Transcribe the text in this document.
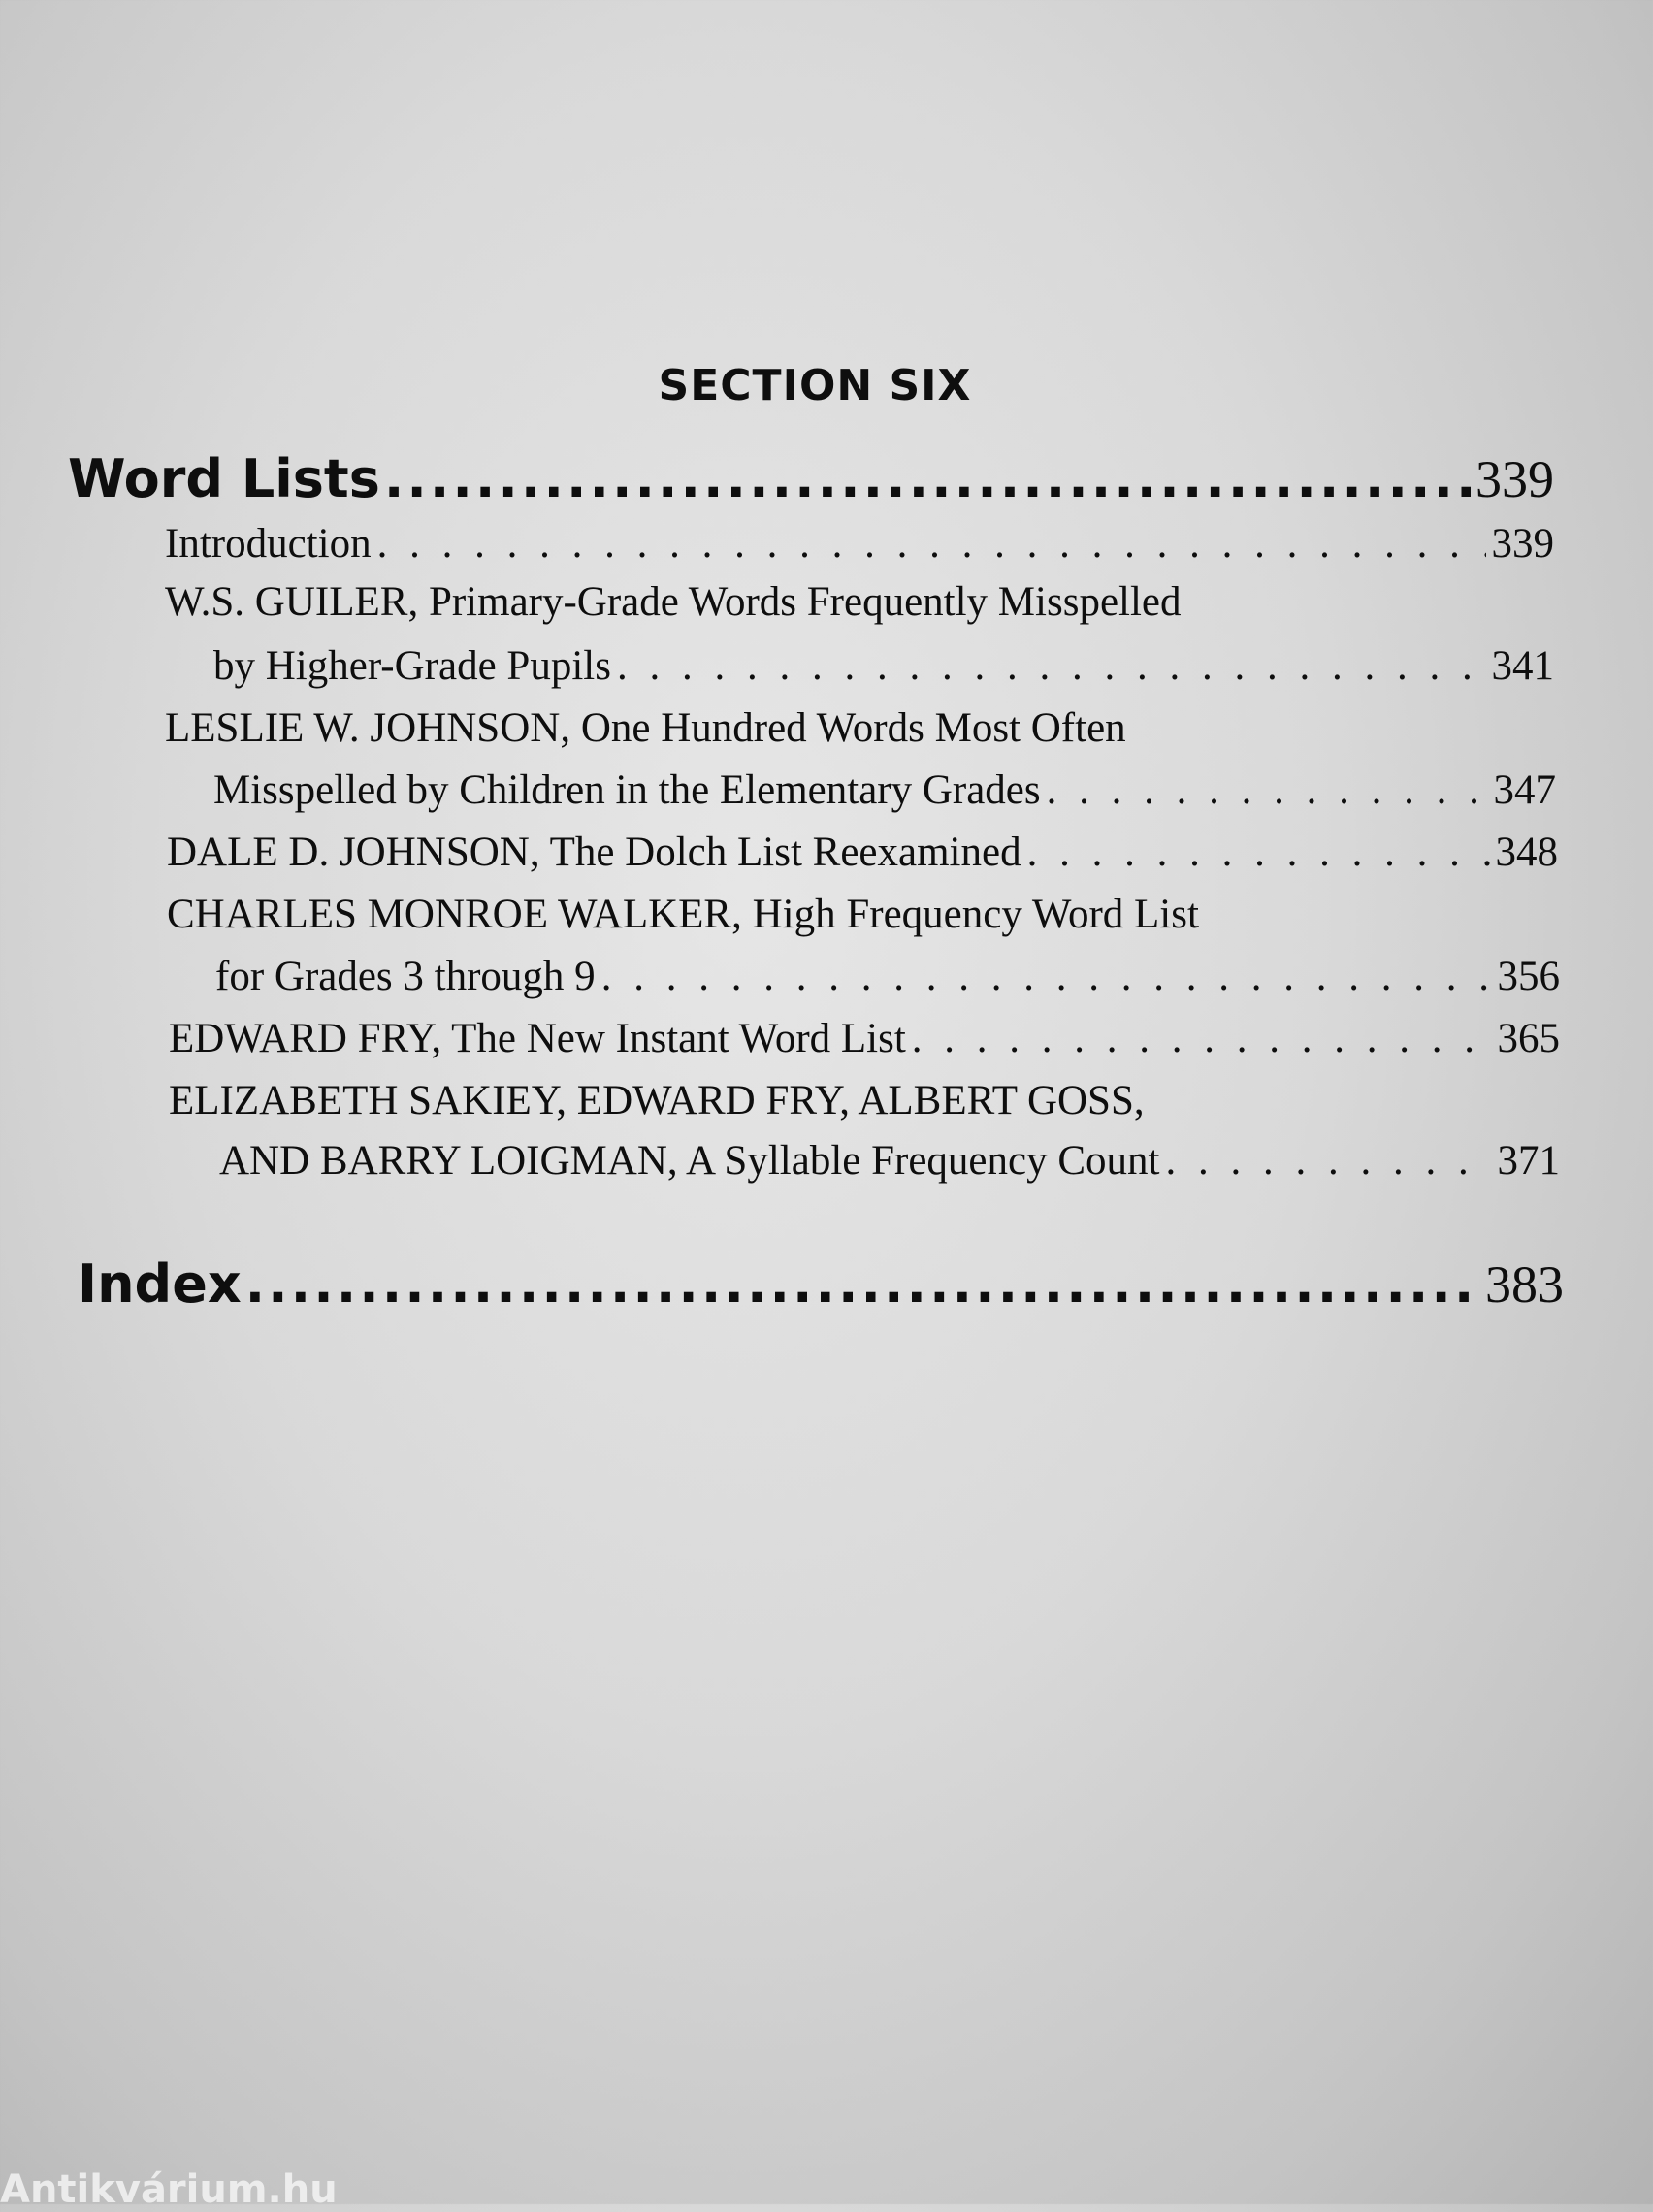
SECTION SIX
Word Lists .....	339
Introduction . . .	339
W.S. GUILER, Primary-Grade Words Frequently Misspelled
by Higher-Grade Pupils . . .	341
LESLIE W. JOHNSON, One Hundred Words Most Often
Misspelled by Children in the Elementary Grades . . .	347
DALE D. JOHNSON, The Dolch List Reexamined . . .	348
CHARLES MONROE WALKER, High Frequency Word List
for Grades 3 through 9 . . .	356
EDWARD FRY, The New Instant Word List . . .	365
ELIZABETH SAKIEY, EDWARD FRY, ALBERT GOSS,
AND BARRY LOIGMAN, A Syllable Frequency Count . . .	371
Index .....	383
Antikvárium.hu
